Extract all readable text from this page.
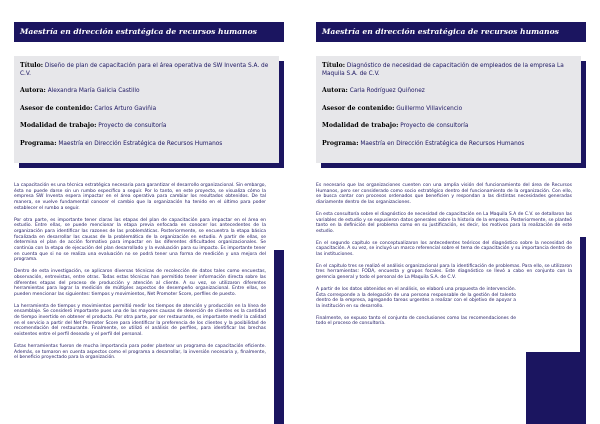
Maestría en dirección estratégica de recursos humanos
Título: Diseño de plan de capacitación para el área operativa de SW Inventa S.A. de C.V.
Autora: Alexandra María Galicia Castillo
Asesor de contenido: Carlos Arturo Gaviñia
Modalidad de trabajo: Proyecto de consultoría
Programa: Maestría en Dirección Estratégica de Recursos Humanos

La capacitación es una técnica estratégica necesaria para garantizar el desarrollo organizacional. Sin embargo, ésta no puede darse sin un rumbo específico a seguir. Por lo tanto, en este proyecto, se visualiza cómo la empresa SW Inventa espera impactar en el área operativa para cambiar los resultados obtenidos. De tal manera, se vuelve fundamental conocer el cambio que la organización ha tenido en el último para poder establecer el rumbo a seguir.

Por otra parte, es importante tener claras las etapas del plan de capacitación para impactar en el área en estudio. Entre ellas, se puede mencionar la etapa previa enfocada en conocer los antecedentes de la organización para identificar las razones de las problemáticas. Posteriormente, se encuentra la etapa básica focalizada en desarrollar las causas de la problemática de la organización en estudio. A partir de ellas, se determina el plan de acción formativo para impactar en las diferentes dificultades organizacionales. Se continúa con la etapa de ejecución del plan desarrollado y la evaluación para su impacto. Es importante tener en cuenta que si no se realiza una evaluación no se podrá tener una forma de medición y una mejora del programa.

Dentro de esta investigación, se aplicaron diversas técnicas de recolección de datos tales como encuestas, observación, entrevistas, entre otras. Todas estas técnicas han permitido tener información directa sobre las diferentes etapas del proceso de producción y atención al cliente. A su vez, se utilizaron diferentes herramientas para lograr la medición de múltiples aspectos de desempeño organizacional. Entre ellas, se pueden mencionar las siguientes: tiempos y movimientos, Net Promoter Score, perfiles de puesto.

La herramienta de tiempos y movimientos permitió medir los tiempos de atención y producción en la línea de ensamblaje. Se consideró importante pues una de las mayores causas de deserción de clientes es la cantidad de tiempo invertido en obtener el producto. Por otra parte, por ser restaurante, es importante medir la calidad en el servicio a partir del Net Promoter Score para identificar la preferencia de los clientes y la posibilidad de recomendación del restaurante. Finalmente, se utilizó el análisis de perfiles, para identificar las brechas existentes entre el perfil deseado y el perfil del personal.

Estas herramientas fueron de mucha importancia para poder plantear un programa de capacitación eficiente. Además, se tomaron en cuenta aspectos como el programa a desarrollar, la inversión necesaria y, finalmente, el beneficio proyectado para la organización.

Maestría en dirección estratégica de recursos humanos
Título: Diagnóstico de necesidad de capacitación de empleados de la empresa La Maquila S.A. de C.V.
Autora: Carla Rodríguez Quiñonez
Asesor de contenido: Guillermo Villavicencio
Modalidad de trabajo: Proyecto de consultoría
Programa: Maestría en Dirección Estratégica de Recursos Humanos

Es necesario que las organizaciones cuenten con una amplia visión del funcionamiento del área de Recursos Humanos, pero ser considerado como socio estratégico dentro del funcionamiento de la organización. Con ello, se busca contar con procesos ordenados que beneficien y respondan a las distintas necesidades generadas diariamente dentro de las organizaciones.

En esta consultoría sobre el diagnóstico de necesidad de capacitación en La Maquila S.A de C.V. se detallaron las variables de estudio y se expusieron datos generales sobre la historia de la empresa. Posteriormente, se planteó tanto en la definición del problema como en su justificación, es decir, los motivos para la realización de este estudio.

En el segundo capítulo se conceptualizaron los antecedentes teóricos del diagnóstico sobre la necesidad de capacitación. A su vez, se incluyó un marco referencial sobre el tema de capacitación y su importancia dentro de las instituciones.

En el capítulo tres se realizó el análisis organizacional para la identificación de problemas. Para ello, se utilizaron tres herramientas: FODA, encuesta y grupos focales. Este diagnóstico se llevó a cabo en conjunto con la gerencia general y todo el personal de La Maquila S.A. de C.V.

A partir de los datos obtenidos en el análisis, se elaboró una propuesta de intervención. Ésta corresponde a la delegación de una persona responsable de la gestión del talento dentro de la empresa, agregando tareas urgentes a realizar con el objetivo de apoyar a la institución en su desarrollo.

Finalmente, se expuso tanto el conjunto de conclusiones como las recomendaciones de todo el proceso de consultoría.
